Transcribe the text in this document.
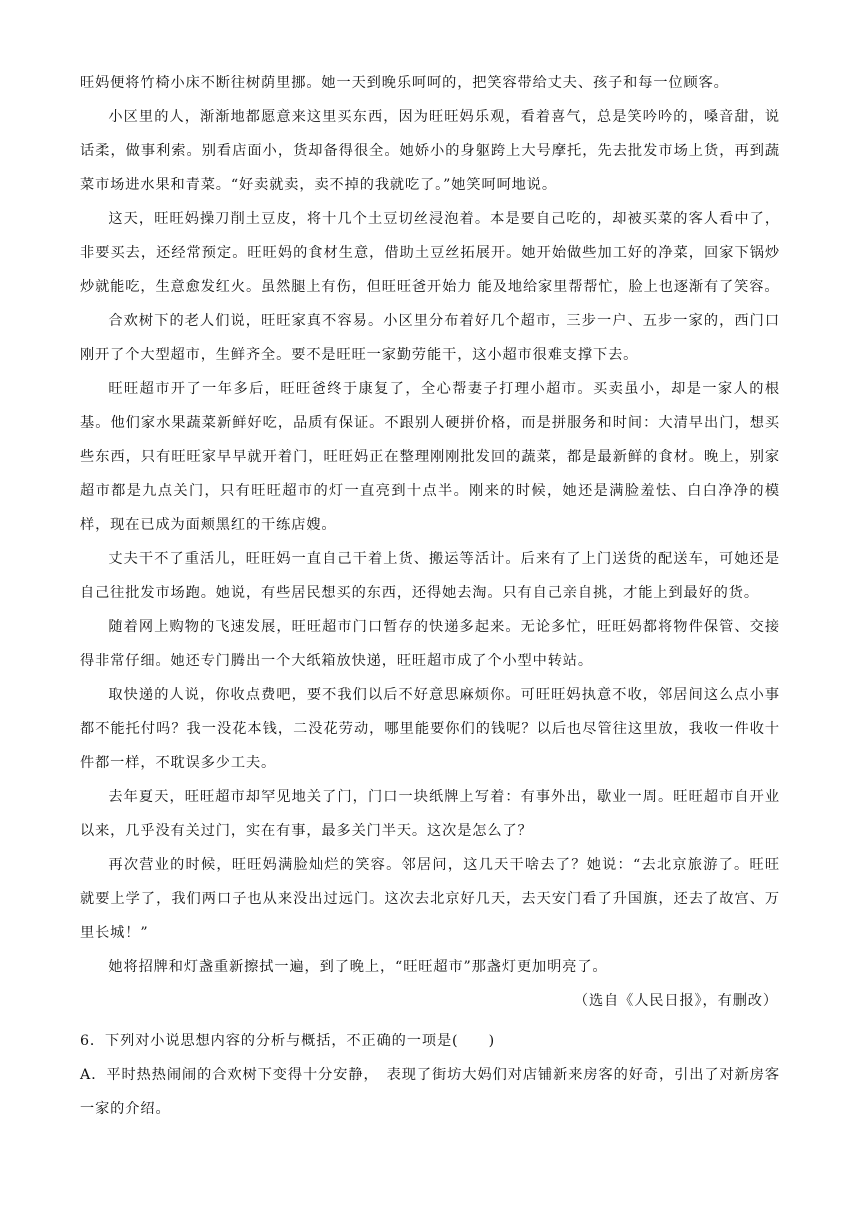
旺妈便将竹椅小床不断往树荫里挪。她一天到晚乐呵呵的，把笑容带给丈夫、孩子和每一位顾客。

小区里的人，渐渐地都愿意来这里买东西，因为旺旺妈乐观，看着喜气，总是笑吟吟的，嗓音甜，说话柔，做事利索。别看店面小，货却备得很全。她娇小的身躯跨上大号摩托，先去批发市场上货，再到蔬菜市场进水果和青菜。“好卖就卖，卖不掉的我就吃了。”她笑呵呵地说。

这天，旺旺妈操刀削土豆皮，将十几个土豆切丝浸泡着。本是要自己吃的，却被买菜的客人看中了，非要买去，还经常预定。旺旺妈的食材生意，借助土豆丝拓展开。她开始做些加工好的净菜，回家下锅炒炒就能吃，生意愈发红火。虽然腿上有伤，但旺旺爸开始力 能及地给家里帮帮忙，脸上也逐渐有了笑容。

合欢树下的老人们说，旺旺家真不容易。小区里分布着好几个超市，三步一户、五步一家的，西门口刚开了个大型超市，生鲜齐全。要不是旺旺一家勤劳能干，这小超市很难支撑下去。

旺旺超市开了一年多后，旺旺爸终于康复了，全心帮妻子打理小超市。买卖虽小，却是一家人的根基。他们家水果蔬菜新鲜好吃，品质有保证。不跟别人硬拼价格，而是拼服务和时间：大清早出门，想买些东西，只有旺旺家早早就开着门，旺旺妈正在整理刚刚批发回的蔬菜，都是最新鲜的食材。晚上，别家超市都是九点关门，只有旺旺超市的灯一直亮到十点半。刚来的时候，她还是满脸羞怯、白白净净的模样，现在已成为面颊黑红的干练店嫂。

丈夫干不了重活儿，旺旺妈一直自己干着上货、搬运等活计。后来有了上门送货的配送车，可她还是自己往批发市场跑。她说，有些居民想买的东西，还得她去淘。只有自己亲自挑，才能上到最好的货。

随着网上购物的飞速发展，旺旺超市门口暂存的快递多起来。无论多忙，旺旺妈都将物件保管、交接得非常仔细。她还专门腾出一个大纸箱放快递，旺旺超市成了个小型中转站。

取快递的人说，你收点费吧，要不我们以后不好意思麻烦你。可旺旺妈执意不收，邻居间这么点小事都不能托付吗？我一没花本钱，二没花劳动，哪里能要你们的钱呢？以后也尽管往这里放，我收一件收十件都一样，不耽误多少工夫。

去年夏天，旺旺超市却罕见地关了门，门口一块纸牌上写着：有事外出，歇业一周。旺旺超市自开业以来，几乎没有关过门，实在有事，最多关门半天。这次是怎么了？

再次营业的时候，旺旺妈满脸灿烂的笑容。邻居问，这几天干啥去了？她说：“去北京旅游了。旺旺就要上学了，我们两口子也从来没出过远门。这次去北京好几天，去天安门看了升国旗，还去了故宫、万里长城！”

她将招牌和灯盏重新擦拭一遍，到了晚上，“旺旺超市”那盏灯更加明亮了。

（选自《人民日报》，有删改）

6．下列对小说思想内容的分析与概括，不正确的一项是(　　)

A．平时热热闹闹的合欢树下变得十分安静，　表现了街坊大妈们对店铺新来房客的好奇，引出了对新房客一家的介绍。
